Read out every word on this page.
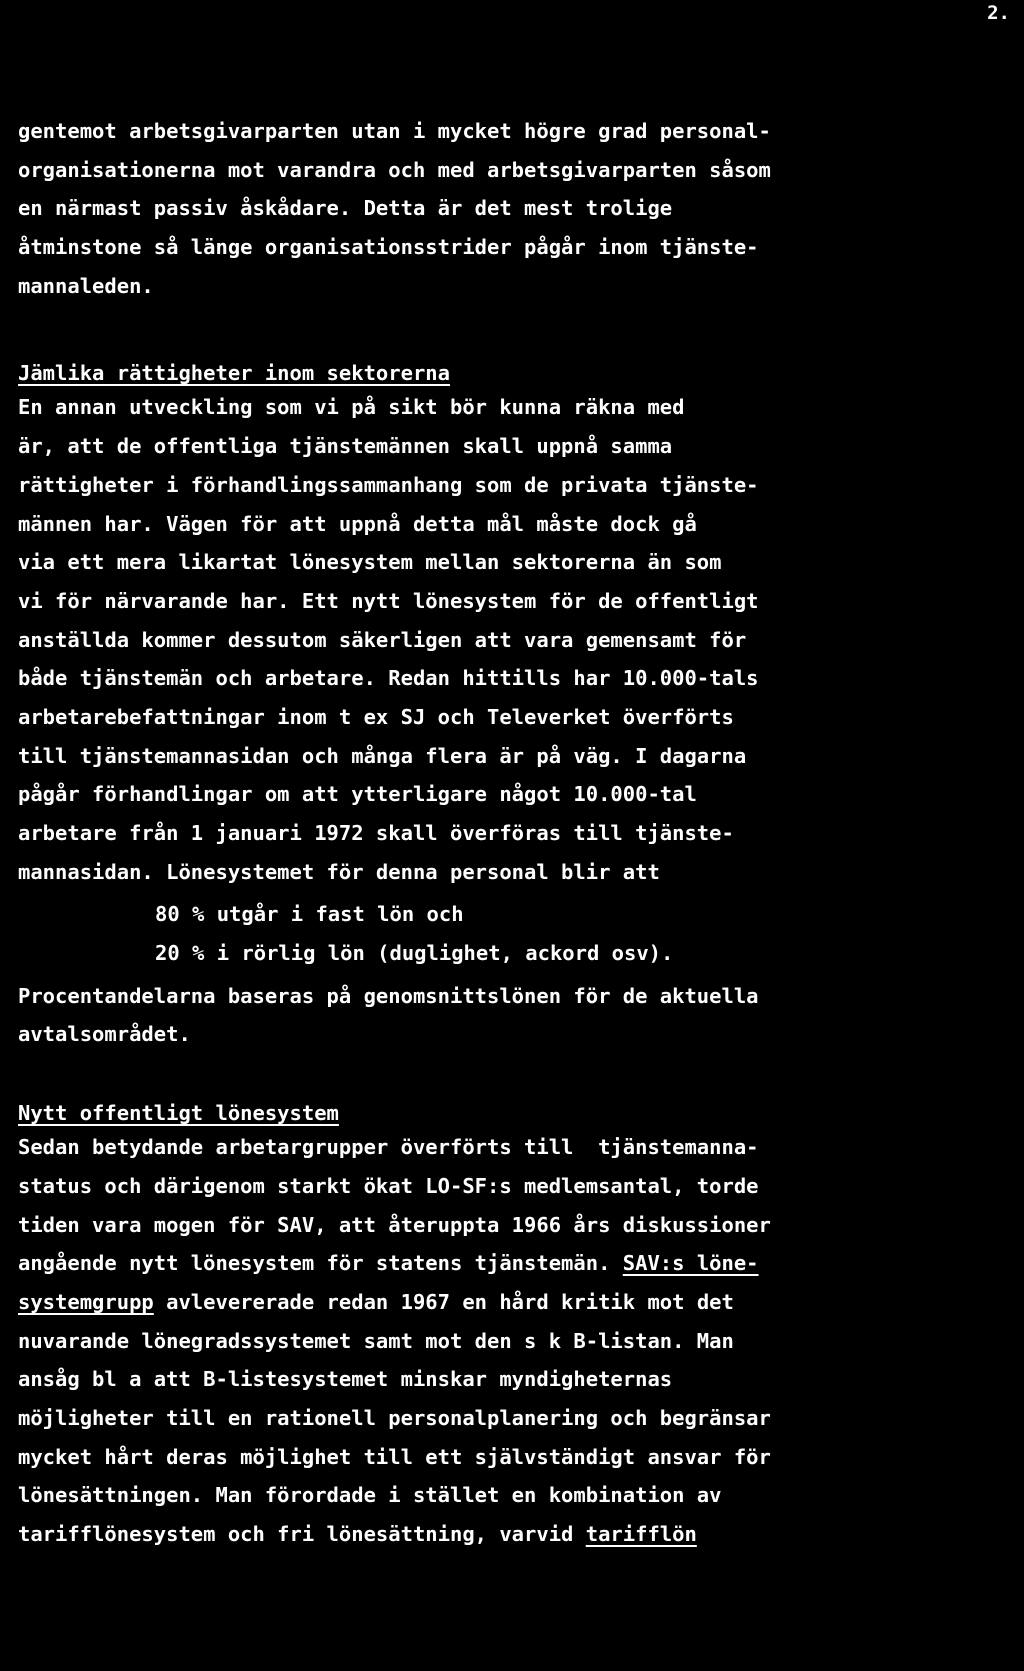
2.
gentemot arbetsgivarparten utan i mycket högre grad personal-
organisationerna mot varandra och med arbetsgivarparten såsom
en närmast passiv åskådare. Detta är det mest trolige
åtminstone så länge organisationsstrider pågår inom tjänste-
mannaleden.
Jämlika rättigheter inom sektorerna
En annan utveckling som vi på sikt bör kunna räkna med
är, att de offentliga tjänstemännen skall uppnå samma
rättigheter i förhandlingssammanhang som de privata tjänste-
männen har. Vägen för att uppnå detta mål måste dock gå
via ett mera likartat lönesystem mellan sektorerna än som
vi för närvarande har. Ett nytt lönesystem för de offentligt
anställda kommer dessutom säkerligen att vara gemensamt för
både tjänstemän och arbetare. Redan hittills har 10.000-tals
arbetarebefattningar inom t ex SJ och Televerket överförts
till tjänstemannasidan och många flera är på väg. I dagarna
pågår förhandlingar om att ytterligare något 10.000-tal
arbetare från 1 januari 1972 skall överföras till tjänste-
mannasidan. Lönesystemet för denna personal blir att
80 % utgår i fast lön och
20 % i rörlig lön (duglighet, ackord osv).
Procentandelarna baseras på genomsnittslönen för de aktuella
avtalsområdet.
Nytt offentligt lönesystem
Sedan betydande arbetargrupper överförts till  tjänstemanna-
status och därigenom starkt ökat LO-SF:s medlemsantal, torde
tiden vara mogen för SAV, att återuppta 1966 års diskussioner
angående nytt lönesystem för statens tjänstemän. SAV:s löne-
systemgrupp avlevererade redan 1967 en hård kritik mot det
nuvarande lönegradssystemet samt mot den s k B-listan. Man
ansåg bl a att B-listesystemet minskar myndigheternas
möjligheter till en rationell personalplanering och begränsar
mycket hårt deras möjlighet till ett självständigt ansvar för
lönesättningen. Man förordade i stället en kombination av
tarifflönesystem och fri lönesättning, varvid tarifflön
